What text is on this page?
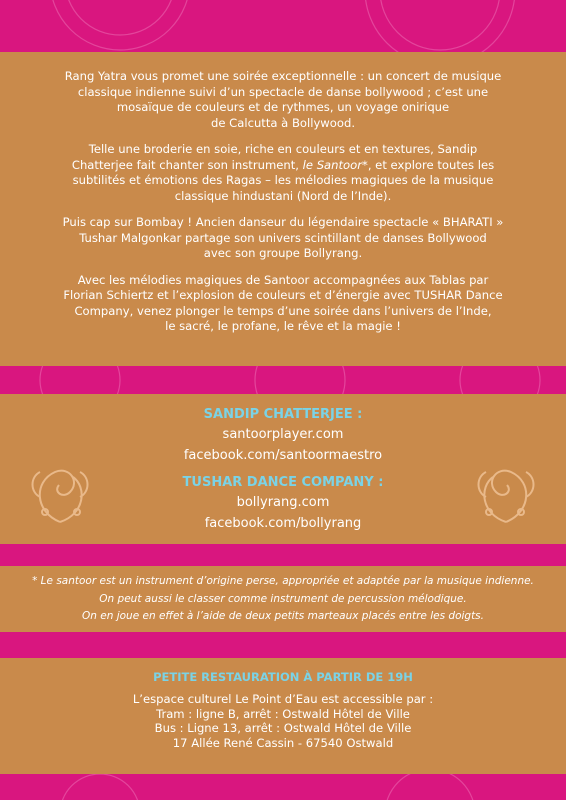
Rang Yatra vous promet une soirée exceptionnelle : un concert de musique
classique indienne suivi d’un spectacle de danse bollywood ; c’est une
mosaïque de couleurs et de rythmes, un voyage onirique
de Calcutta à Bollywood.

Telle une broderie en soie, riche en couleurs et en textures, Sandip
Chatterjee fait chanter son instrument, le Santoor*, et explore toutes les
subtilités et émotions des Ragas – les mélodies magiques de la musique
classique hindustani (Nord de l’Inde).

Puis cap sur Bombay ! Ancien danseur du légendaire spectacle « BHARATI »
Tushar Malgonkar partage son univers scintillant de danses Bollywood
avec son groupe Bollyrang.

Avec les mélodies magiques de Santoor accompagnées aux Tablas par
Florian Schiertz et l’explosion de couleurs et d’énergie avec TUSHAR Dance
Company, venez plonger le temps d’une soirée dans l’univers de l’Inde,
le sacré, le profane, le rêve et la magie !

SANDIP CHATTERJEE :
santoorplayer.com
facebook.com/santoormaestro
TUSHAR DANCE COMPANY :
bollyrang.com
facebook.com/bollyrang
* Le santoor est un instrument d’origine perse, appropriée et adaptée par la musique indienne.
On peut aussi le classer comme instrument de percussion mélodique.
On en joue en effet à l’aide de deux petits marteaux placés entre les doigts.
PETITE RESTAURATION À PARTIR DE 19H
L’espace culturel Le Point d’Eau est accessible par :
Tram : ligne B, arrêt : Ostwald Hôtel de Ville
Bus : Ligne 13, arrêt : Ostwald Hôtel de Ville
17 Allée René Cassin - 67540 Ostwald
